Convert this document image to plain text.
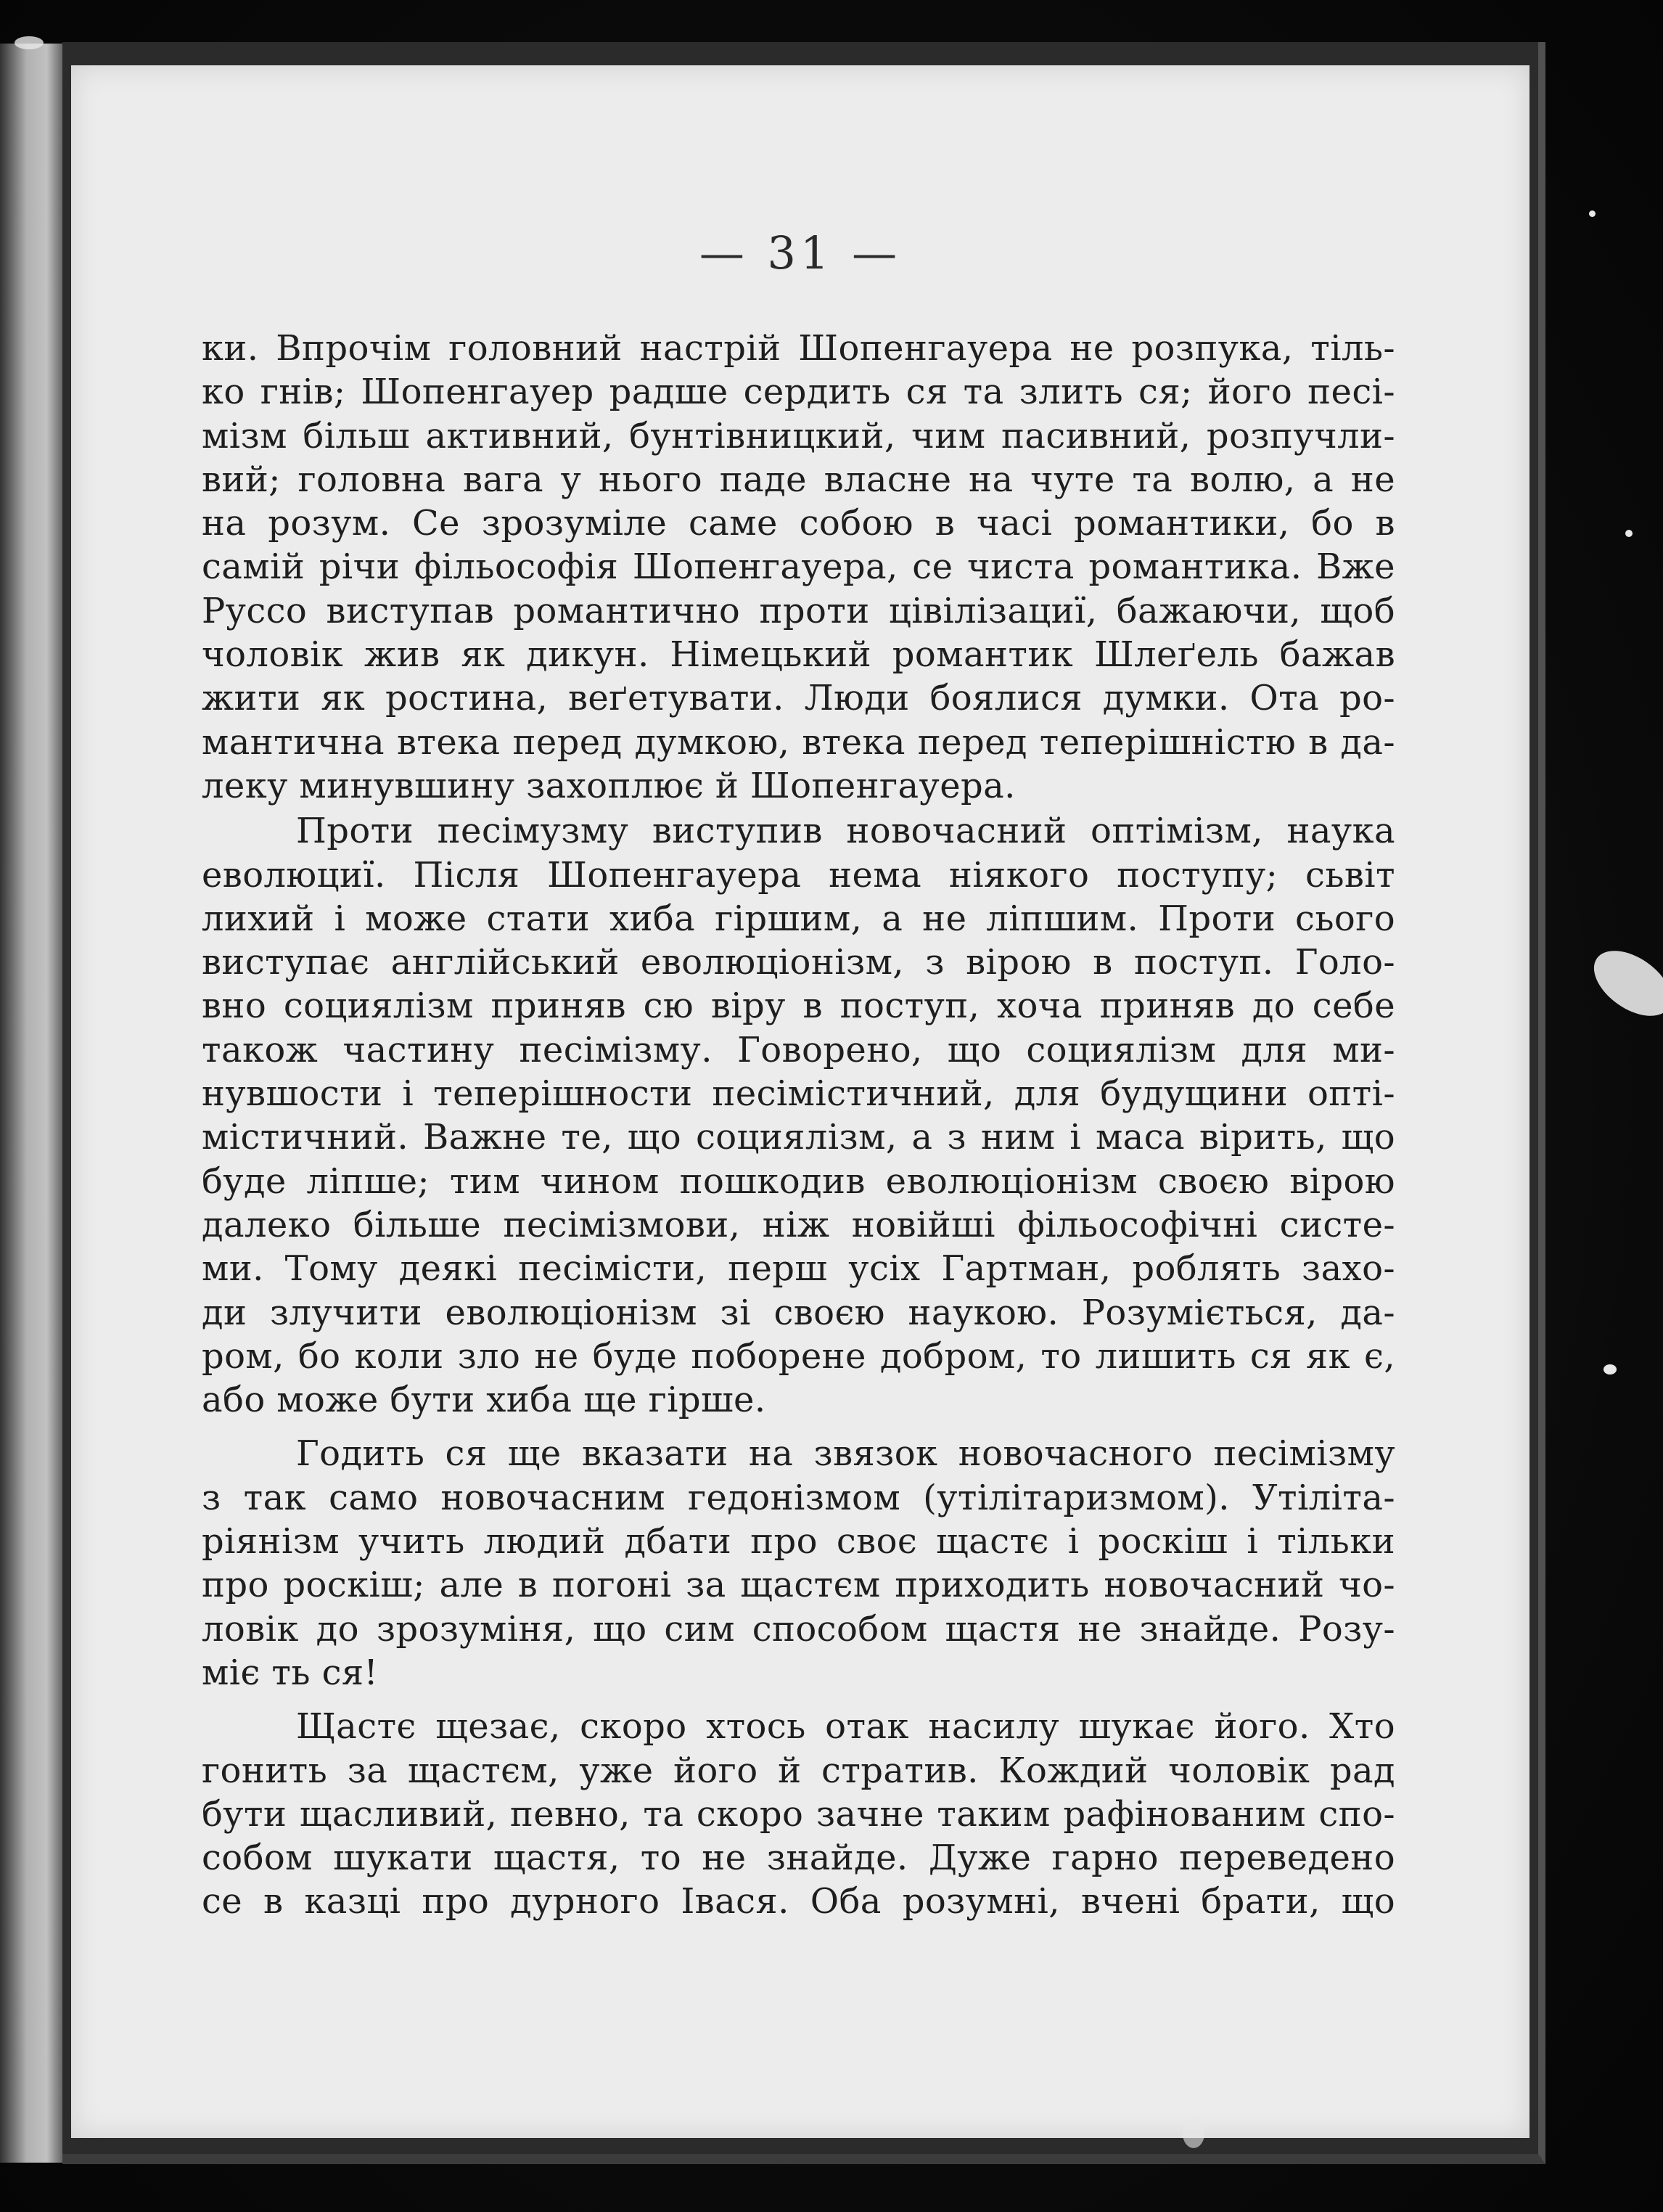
— 31 —

ки. Впрочім головний настрій Шопенгауера не розпука, тіль-
ко гнів; Шопенгауер радше сердить ся та злить ся; його песі-
мізм більш активний, бунтівницкий, чим пасивний, розпучли-
вий; головна вага у нього паде власне на чуте та волю, а не
на розум. Се зрозуміле саме собою в часі романтики, бо в
самій річи фільософія Шопенгауера, се чиста романтика. Вже
Руссо виступав романтично проти цівілізациї, бажаючи, щоб
чоловік жив як дикун. Німецький романтик Шлеґель бажав
жити як ростина, веґетувати. Люди боялися думки. Ота ро-
мантична втека перед думкою, втека перед теперішністю в да-
леку минувшину захоплює й Шопенгауера.

Проти песімузму виступив новочасний оптімізм, наука
еволюциї. Після Шопенгауера нема ніякого поступу; сьвіт
лихий і може стати хиба гіршим, а не ліпшим. Проти сього
виступає англійський еволюціонізм, з вірою в поступ. Голо-
вно социялізм приняв сю віру в поступ, хоча приняв до себе
також частину песімізму. Говорено, що социялізм для ми-
нувшости і теперішности песімістичний, для будущини опті-
містичний. Важне те, що социялізм, а з ним і маса вірить, що
буде ліпше; тим чином пошкодив еволюціонізм своєю вірою
далеко більше песімізмови, ніж новійші фільософічні систе-
ми. Тому деякі песімісти, перш усіх Гартман, роблять захо-
ди злучити еволюціонізм зі своєю наукою. Розуміється, да-
ром, бо коли зло не буде поборене добром, то лишить ся як є,
або може бути хиба ще гірше.

Годить ся ще вказати на звязок новочасного песімізму
з так само новочасним гедонізмом (утілітаризмом). Утіліта-
ріянізм учить людий дбати про своє щастє і роскіш і тільки
про роскіш; але в погоні за щастєм приходить новочасний чо-
ловік до зрозуміня, що сим способом щастя не знайде. Розу-
міє ть ся!

Щастє щезає, скоро хтось отак насилу шукає його. Хто
гонить за щастєм, уже його й стратив. Кождий чоловік рад
бути щасливий, певно, та скоро зачне таким рафінованим спо-
собом шукати щастя, то не знайде. Дуже гарно переведено
се в казці про дурного Івася. Оба розумні, вчені брати, що
